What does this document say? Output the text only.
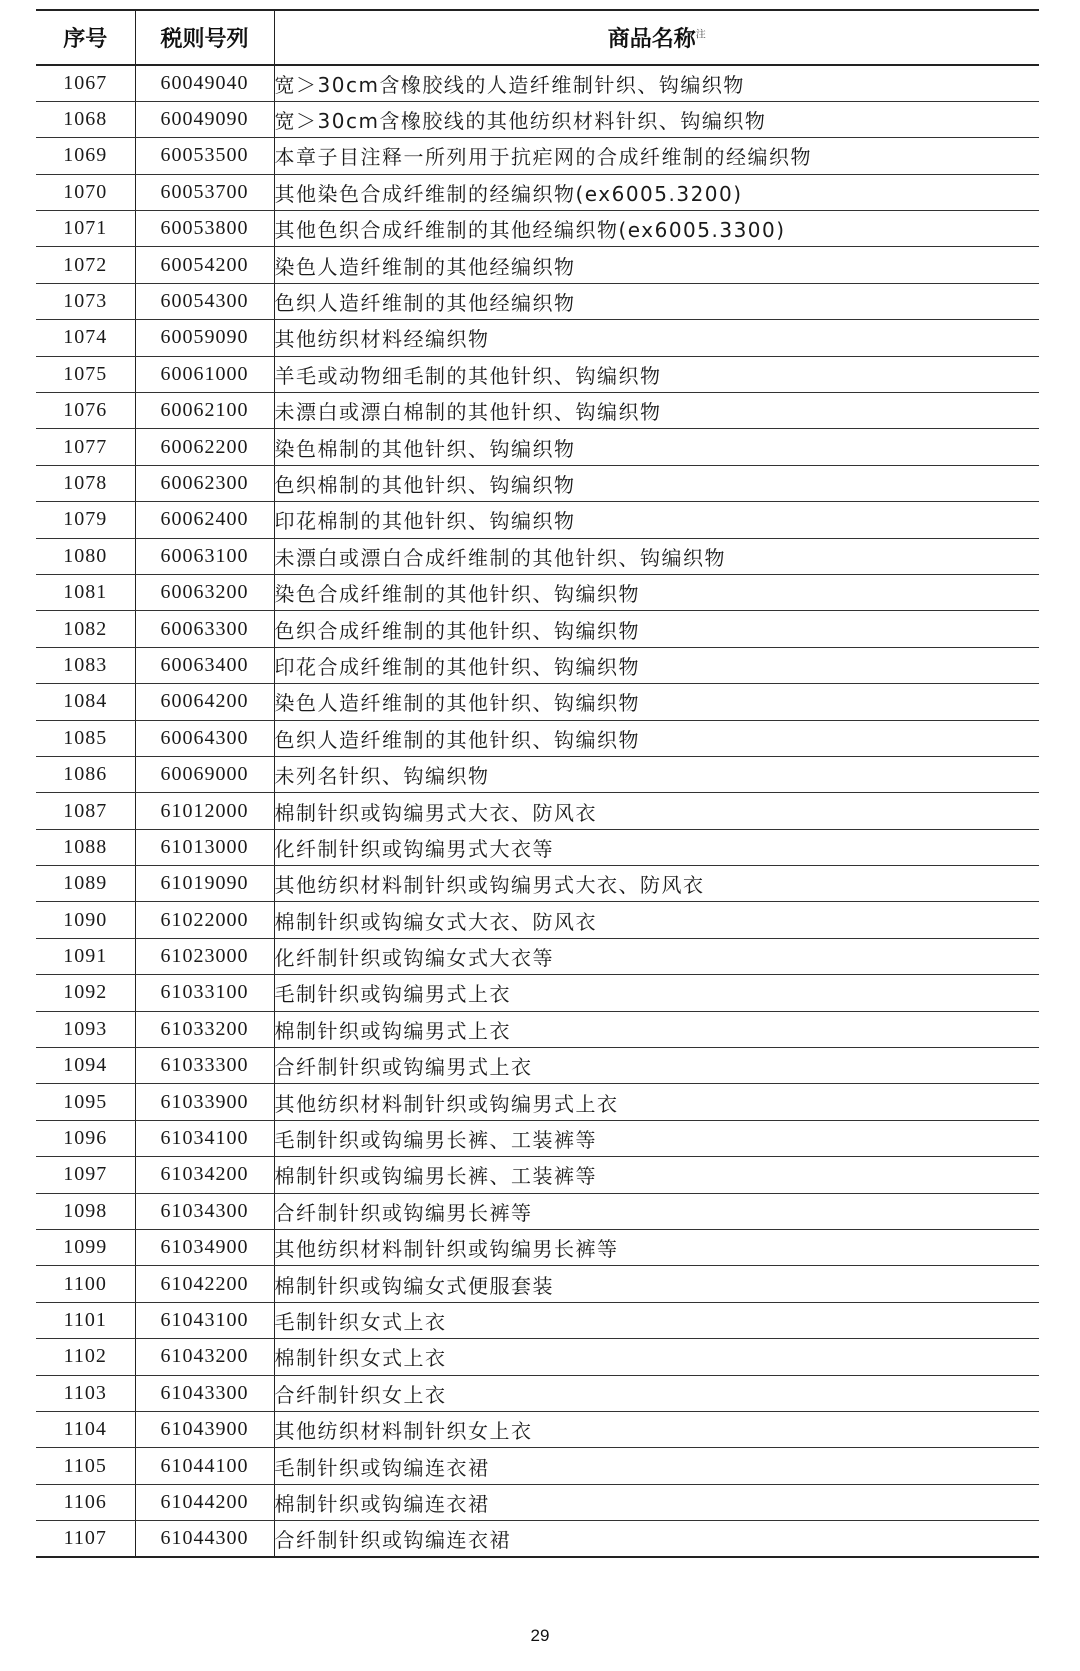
序号	税则号列	商品名称$^注$
1067	60049040	宽＞30cm含橡胶线的人造纤维制针织、钩编织物
1068	60049090	宽＞30cm含橡胶线的其他纺织材料针织、钩编织物
1069	60053500	本章子目注释一所列用于抗疟网的合成纤维制的经编织物
1070	60053700	其他染色合成纤维制的经编织物(ex6005.3200)
1071	60053800	其他色织合成纤维制的其他经编织物(ex6005.3300)
1072	60054200	染色人造纤维制的其他经编织物
1073	60054300	色织人造纤维制的其他经编织物
1074	60059090	其他纺织材料经编织物
1075	60061000	羊毛或动物细毛制的其他针织、钩编织物
1076	60062100	未漂白或漂白棉制的其他针织、钩编织物
1077	60062200	染色棉制的其他针织、钩编织物
1078	60062300	色织棉制的其他针织、钩编织物
1079	60062400	印花棉制的其他针织、钩编织物
1080	60063100	未漂白或漂白合成纤维制的其他针织、钩编织物
1081	60063200	染色合成纤维制的其他针织、钩编织物
1082	60063300	色织合成纤维制的其他针织、钩编织物
1083	60063400	印花合成纤维制的其他针织、钩编织物
1084	60064200	染色人造纤维制的其他针织、钩编织物
1085	60064300	色织人造纤维制的其他针织、钩编织物
1086	60069000	未列名针织、钩编织物
1087	61012000	棉制针织或钩编男式大衣、防风衣
1088	61013000	化纤制针织或钩编男式大衣等
1089	61019090	其他纺织材料制针织或钩编男式大衣、防风衣
1090	61022000	棉制针织或钩编女式大衣、防风衣
1091	61023000	化纤制针织或钩编女式大衣等
1092	61033100	毛制针织或钩编男式上衣
1093	61033200	棉制针织或钩编男式上衣
1094	61033300	合纤制针织或钩编男式上衣
1095	61033900	其他纺织材料制针织或钩编男式上衣
1096	61034100	毛制针织或钩编男长裤、工装裤等
1097	61034200	棉制针织或钩编男长裤、工装裤等
1098	61034300	合纤制针织或钩编男长裤等
1099	61034900	其他纺织材料制针织或钩编男长裤等
1100	61042200	棉制针织或钩编女式便服套装
1101	61043100	毛制针织女式上衣
1102	61043200	棉制针织女式上衣
1103	61043300	合纤制针织女上衣
1104	61043900	其他纺织材料制针织女上衣
1105	61044100	毛制针织或钩编连衣裙
1106	61044200	棉制针织或钩编连衣裙
1107	61044300	合纤制针织或钩编连衣裙
29
